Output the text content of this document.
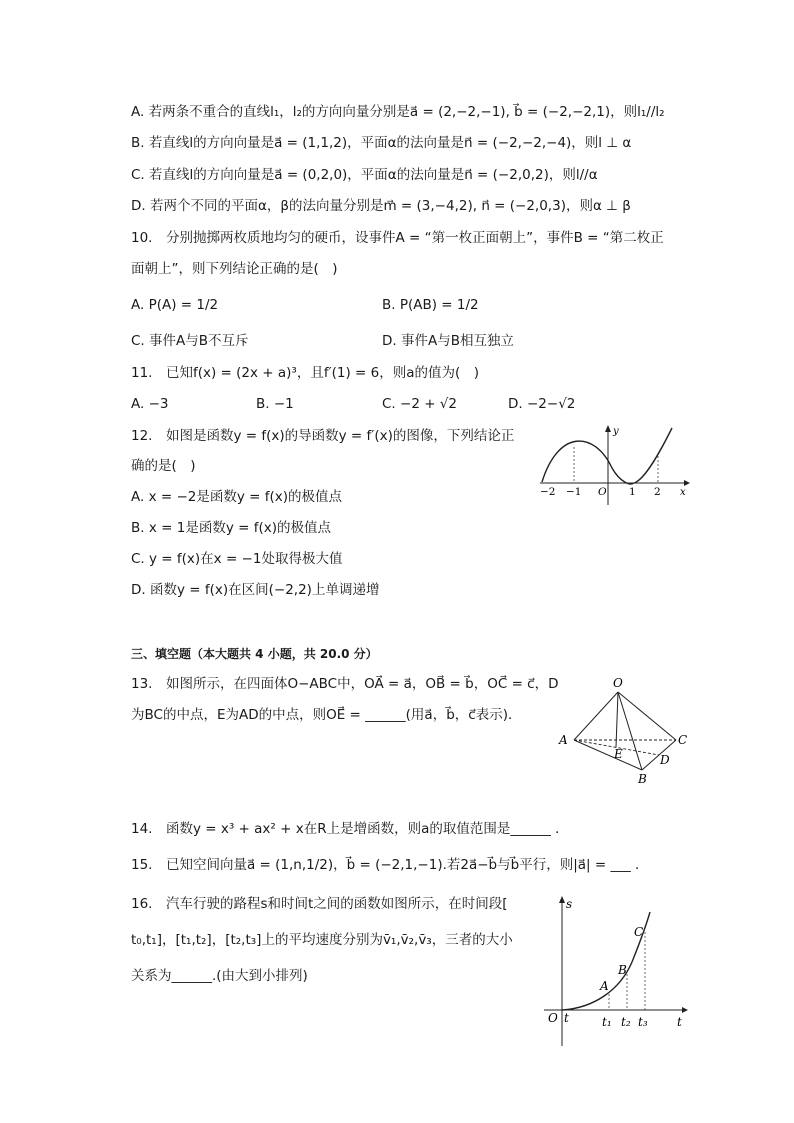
A. 若两条不重合的直线l₁，l₂的方向向量分别是a⃗ = (2,−2,−1), b⃗ = (−2,−2,1)，则l₁//l₂
B. 若直线l的方向向量是a⃗ = (1,1,2)，平面α的法向量是n⃗ = (−2,−2,−4)，则l ⊥ α
C. 若直线l的方向向量是a⃗ = (0,2,0)，平面α的法向量是n⃗ = (−2,0,2)，则l//α
D. 若两个不同的平面α，β的法向量分别是m⃗ = (3,−4,2), n⃗ = (−2,0,3)，则α ⊥ β
10.　分别抛掷两枚质地均匀的硬币，设事件A = “第一枚正面朝上”，事件B = “第二枚正
面朝上”，则下列结论正确的是(　)
A. P(A) = 1/2	B. P(AB) = 1/2
C. 事件A与B不互斥	D. 事件A与B相互独立
11.　已知f(x) = (2x + a)³，且f′(1) = 6，则a的值为(　)
A. −3	B. −1	C. −2 + √2	D. −2−√2
12.　如图是函数y = f(x)的导函数y = f′(x)的图像，下列结论正
确的是(　)
A. x = −2是函数y = f(x)的极值点
B. x = 1是函数y = f(x)的极值点
C. y = f(x)在x = −1处取得极大值
D. 函数y = f(x)在区间(−2,2)上单调递增
y
−2 −1 O 1 2 x
三、填空题（本大题共 4 小题，共 20.0 分）
13.　如图所示，在四面体O−ABC中，OA⃗ = a⃗，OB⃗ = b⃗，OC⃗ = c⃗，D
为BC的中点，E为AD的中点，则OE⃗ = ______(用a⃗，b⃗，c⃗表示)．
O
A
B
C
D
E
14.　函数y = x³ + ax² + x在R上是增函数，则a的取值范围是______ ．
15.　已知空间向量a⃗ = (1,n,1/2)，b⃗ = (−2,1,−1).若2a⃗−b⃗与b⃗平行，则|a⃗| = ___ ．
16.　汽车行驶的路程s和时间t之间的函数如图所示，在时间段[
t₀,t₁]，[t₁,t₂]，[t₂,t₃]上的平均速度分别为v̄₁,v̄₂,v̄₃，三者的大小
关系为______.(由大到小排列)
s
O t	t₁ t₂ t₃ t
A
B
C
